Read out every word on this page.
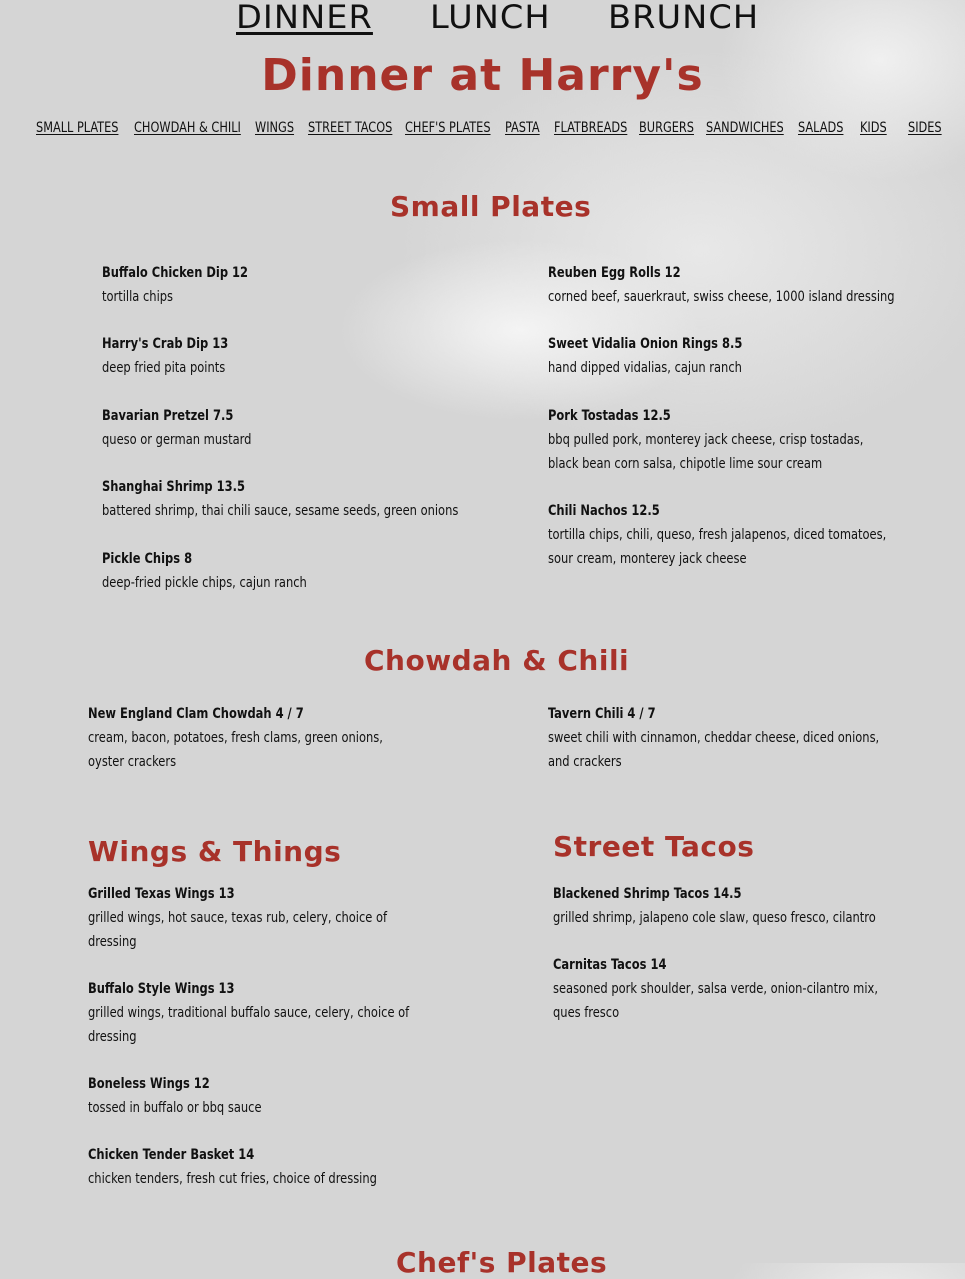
DINNER LUNCH BRUNCH
Dinner at Harry's
SMALL PLATES CHOWDAH & CHILI WINGS STREET TACOS CHEF'S PLATES PASTA FLATBREADS BURGERS SANDWICHES SALADS KIDS SIDES
Small Plates
Buffalo Chicken Dip 12
tortilla chips
Harry's Crab Dip 13
deep fried pita points
Bavarian Pretzel 7.5
queso or german mustard
Shanghai Shrimp 13.5
battered shrimp, thai chili sauce, sesame seeds, green onions
Pickle Chips 8
deep-fried pickle chips, cajun ranch
Reuben Egg Rolls 12
corned beef, sauerkraut, swiss cheese, 1000 island dressing
Sweet Vidalia Onion Rings 8.5
hand dipped vidalias, cajun ranch
Pork Tostadas 12.5
bbq pulled pork, monterey jack cheese, crisp tostadas, black bean corn salsa, chipotle lime sour cream
Chili Nachos 12.5
tortilla chips, chili, queso, fresh jalapenos, diced tomatoes, sour cream, monterey jack cheese
Chowdah & Chili
New England Clam Chowdah 4 / 7
cream, bacon, potatoes, fresh clams, green onions, oyster crackers
Tavern Chili 4 / 7
sweet chili with cinnamon, cheddar cheese, diced onions, and crackers
Wings & Things
Grilled Texas Wings 13
grilled wings, hot sauce, texas rub, celery, choice of dressing
Buffalo Style Wings 13
grilled wings, traditional buffalo sauce, celery, choice of dressing
Boneless Wings 12
tossed in buffalo or bbq sauce
Chicken Tender Basket 14
chicken tenders, fresh cut fries, choice of dressing
Street Tacos
Blackened Shrimp Tacos 14.5
grilled shrimp, jalapeno cole slaw, queso fresco, cilantro
Carnitas Tacos 14
seasoned pork shoulder, salsa verde, onion-cilantro mix, ques fresco
Chef's Plates
